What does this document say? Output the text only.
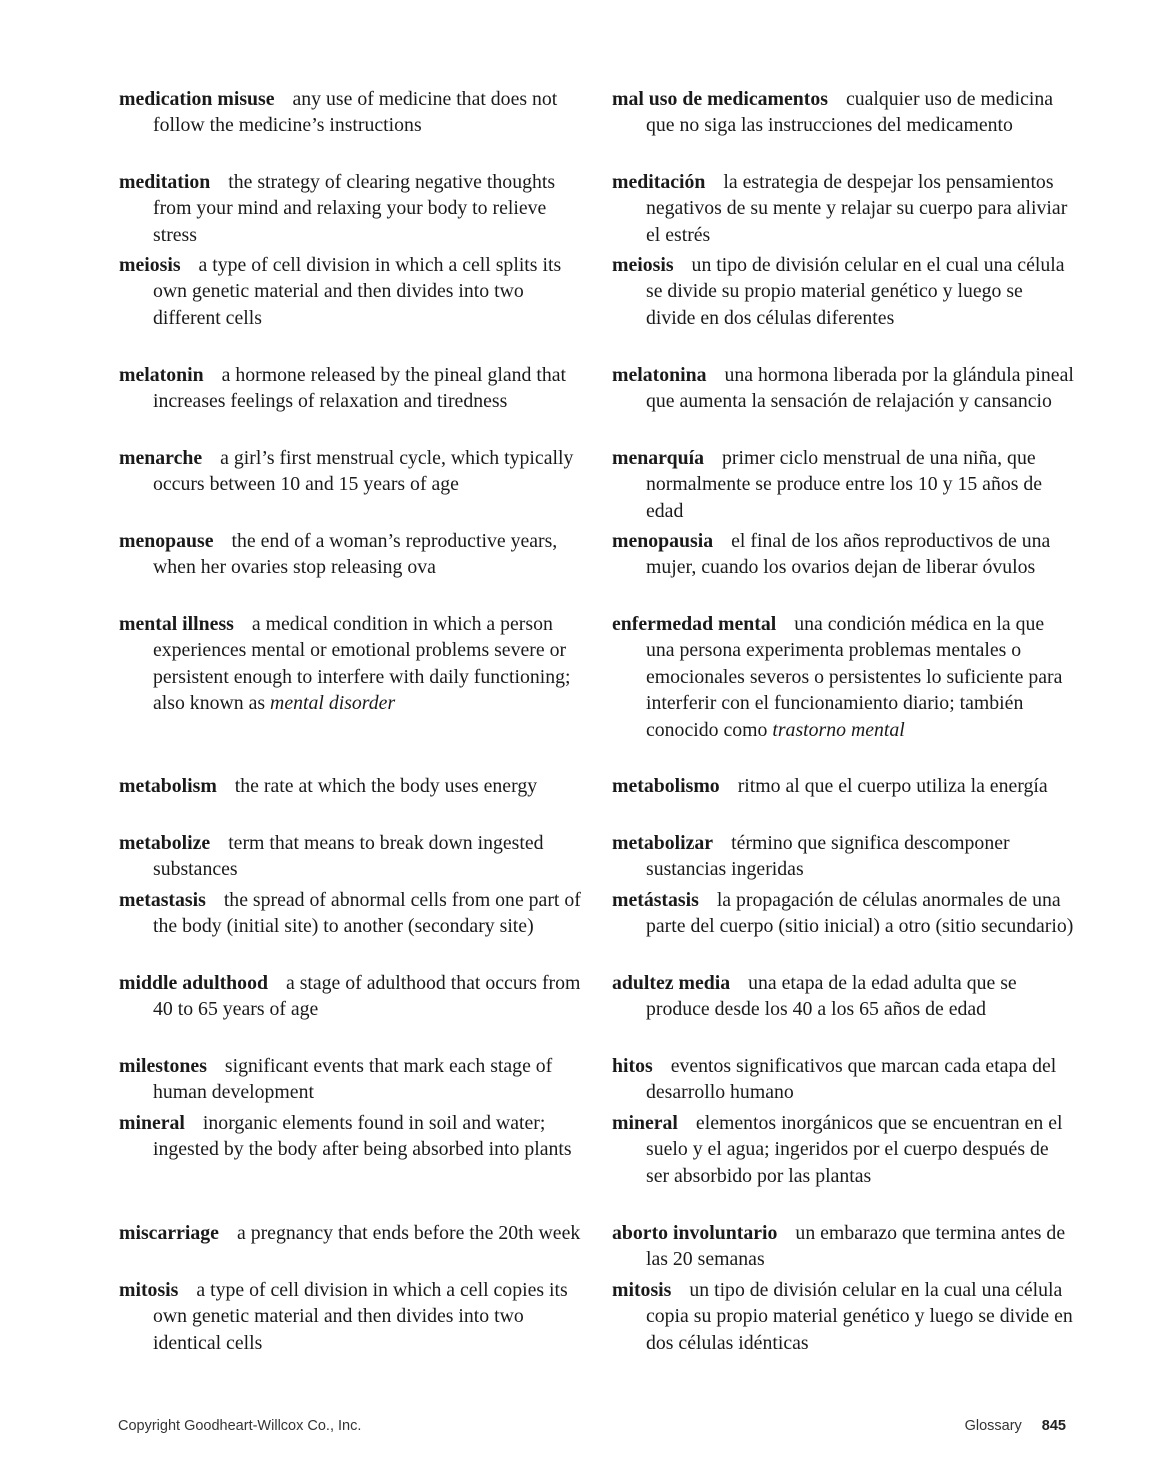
medication misuse any use of medicine that does not follow the medicine’s instructions

mal uso de medicamentos cualquier uso de medicina que no siga las instrucciones del medicamento

meditation the strategy of clearing negative thoughts from your mind and relaxing your body to relieve stress

meditación la estrategia de despejar los pensamientos negativos de su mente y relajar su cuerpo para aliviar el estrés

meiosis a type of cell division in which a cell splits its own genetic material and then divides into two different cells

meiosis un tipo de división celular en el cual una célula se divide su propio material genético y luego se divide en dos células diferentes

melatonin a hormone released by the pineal gland that increases feelings of relaxation and tiredness

melatonina una hormona liberada por la glándula pineal que aumenta la sensación de relajación y cansancio

menarche a girl’s first menstrual cycle, which typically occurs between 10 and 15 years of age

menarquía primer ciclo menstrual de una niña, que normalmente se produce entre los 10 y 15 años de edad

menopause the end of a woman’s reproductive years, when her ovaries stop releasing ova

menopausia el final de los años reproductivos de una mujer, cuando los ovarios dejan de liberar óvulos

mental illness a medical condition in which a person experiences mental or emotional problems severe or persistent enough to interfere with daily functioning; also known as mental disorder

enfermedad mental una condición médica en la que una persona experimenta problemas mentales o emocionales severos o persistentes lo suficiente para interferir con el funcionamiento diario; también conocido como trastorno mental

metabolism the rate at which the body uses energy	metabolismo ritmo al que el cuerpo utiliza la energía

metabolize term that means to break down ingested substances

metabolizar término que significa descomponer sustancias ingeridas

metastasis the spread of abnormal cells from one part of the body (initial site) to another (secondary site)

metástasis la propagación de células anormales de una parte del cuerpo (sitio inicial) a otro (sitio secundario)

middle adulthood a stage of adulthood that occurs from 40 to 65 years of age

adultez media una etapa de la edad adulta que se produce desde los 40 a los 65 años de edad

milestones significant events that mark each stage of human development

hitos eventos significativos que marcan cada etapa del desarrollo humano

mineral inorganic elements found in soil and water; ingested by the body after being absorbed into plants

mineral elementos inorgánicos que se encuentran en el suelo y el agua; ingeridos por el cuerpo después de ser absorbido por las plantas

miscarriage a pregnancy that ends before the 20th week aborto involuntario un embarazo que termina antes de las 20 semanas

mitosis a type of cell division in which a cell copies its own genetic material and then divides into two identical cells

mitosis un tipo de división celular en la cual una célula copia su propio material genético y luego se divide en dos células idénticas

Copyright Goodheart-Willcox Co., Inc.	Glossary 845
